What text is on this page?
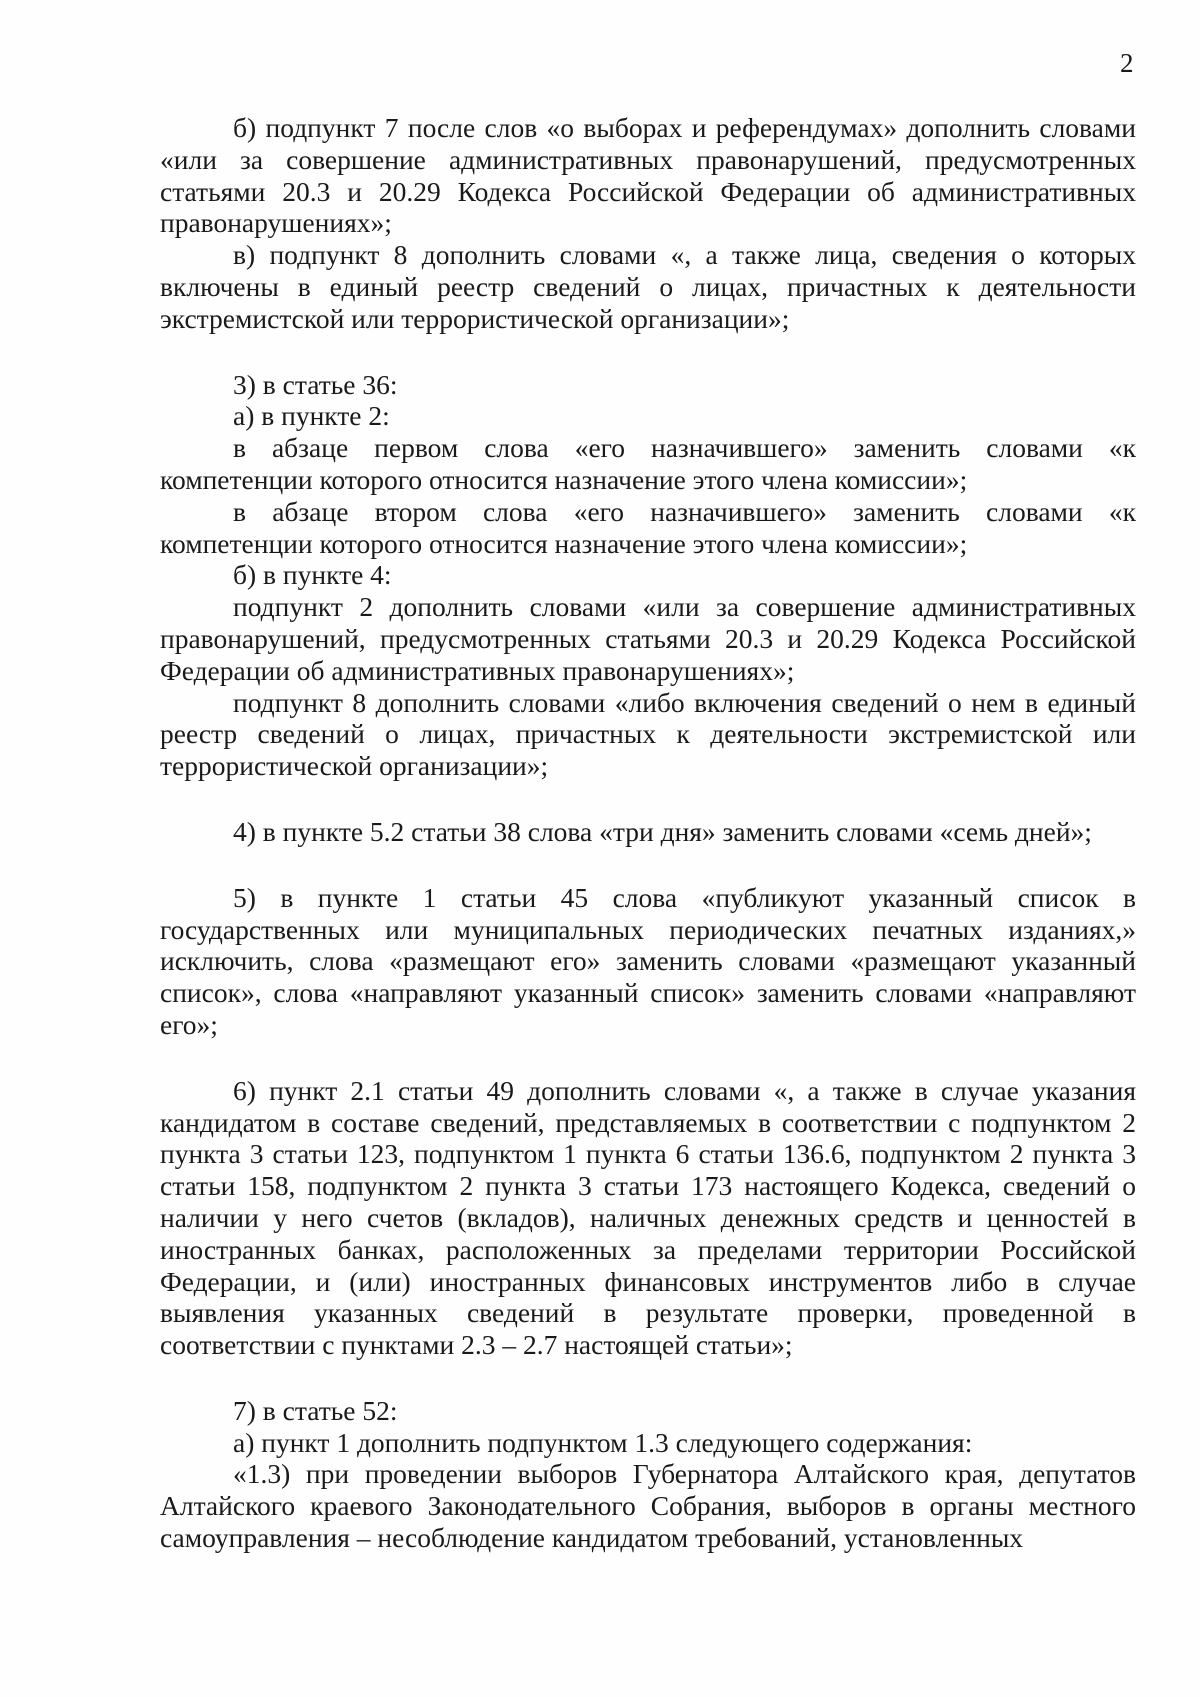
2

б) подпункт 7 после слов «о выборах и референдумах» дополнить словами «или за совершение административных правонарушений, предусмотренных статьями 20.3 и 20.29 Кодекса Российской Федерации об административных правонарушениях»;

в) подпункт 8 дополнить словами «, а также лица, сведения о которых включены в единый реестр сведений о лицах, причастных к деятельности экстремистской или террористической организации»;

3) в статье 36:

а) в пункте 2:

в абзаце первом слова «его назначившего» заменить словами «к компетенции которого относится назначение этого члена комиссии»;

в абзаце втором слова «его назначившего» заменить словами «к компетенции которого относится назначение этого члена комиссии»;

б) в пункте 4:

подпункт 2 дополнить словами «или за совершение административных правонарушений, предусмотренных статьями 20.3 и 20.29 Кодекса Российской Федерации об административных правонарушениях»;

подпункт 8 дополнить словами «либо включения сведений о нем в единый реестр сведений о лицах, причастных к деятельности экстремистской или террористической организации»;

4) в пункте 5.2 статьи 38 слова «три дня» заменить словами «семь дней»;

5) в пункте 1 статьи 45 слова «публикуют указанный список в государственных или муниципальных периодических печатных изданиях,» исключить, слова «размещают его» заменить словами «размещают указанный список», слова «направляют указанный список» заменить словами «направляют его»;

6) пункт 2.1 статьи 49 дополнить словами «, а также в случае указания кандидатом в составе сведений, представляемых в соответствии с подпунктом 2 пункта 3 статьи 123, подпунктом 1 пункта 6 статьи 136.6, подпунктом 2 пункта 3 статьи 158, подпунктом 2 пункта 3 статьи 173 настоящего Кодекса, сведений о наличии у него счетов (вкладов), наличных денежных средств и ценностей в иностранных банках, расположенных за пределами территории Российской Федерации, и (или) иностранных финансовых инструментов либо в случае выявления указанных сведений в результате проверки, проведенной в соответствии с пунктами 2.3 – 2.7 настоящей статьи»;

7) в статье 52:

а) пункт 1 дополнить подпунктом 1.3 следующего содержания:

«1.3) при проведении выборов Губернатора Алтайского края, депутатов Алтайского краевого Законодательного Собрания, выборов в органы местного самоуправления – несоблюдение кандидатом требований, установленных
